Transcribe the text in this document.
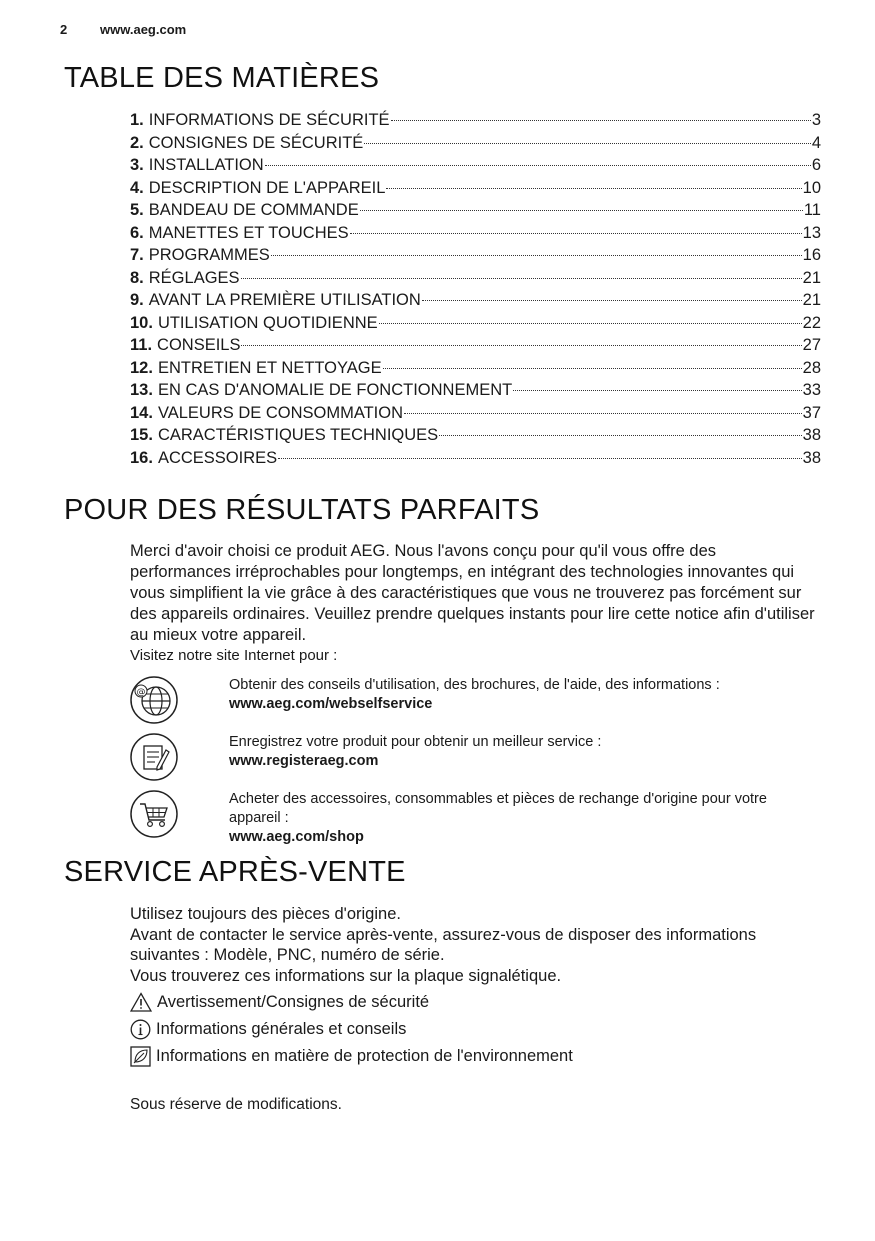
2	www.aeg.com
TABLE DES MATIÈRES
1. INFORMATIONS DE SÉCURITÉ	3
2. CONSIGNES DE SÉCURITÉ	4
3. INSTALLATION	6
4. DESCRIPTION DE L'APPAREIL	10
5. BANDEAU DE COMMANDE	11
6. MANETTES ET TOUCHES	13
7. PROGRAMMES	16
8. RÉGLAGES	21
9. AVANT LA PREMIÈRE UTILISATION	21
10. UTILISATION QUOTIDIENNE	22
11. CONSEILS	27
12. ENTRETIEN ET NETTOYAGE	28
13. EN CAS D'ANOMALIE DE FONCTIONNEMENT	33
14. VALEURS DE CONSOMMATION	37
15. CARACTÉRISTIQUES TECHNIQUES	38
16. ACCESSOIRES	38
POUR DES RÉSULTATS PARFAITS
Merci d'avoir choisi ce produit AEG. Nous l'avons conçu pour qu'il vous offre des performances irréprochables pour longtemps, en intégrant des technologies innovantes qui vous simplifient la vie grâce à des caractéristiques que vous ne trouverez pas forcément sur des appareils ordinaires. Veuillez prendre quelques instants pour lire cette notice afin d'utiliser au mieux votre appareil.
Visitez notre site Internet pour :
@	Obtenir des conseils d'utilisation, des brochures, de l'aide, des informations :
www.aeg.com/webselfservice
Enregistrez votre produit pour obtenir un meilleur service :
www.registeraeg.com
Acheter des accessoires, consommables et pièces de rechange d'origine pour votre appareil :
www.aeg.com/shop
SERVICE APRÈS-VENTE
Utilisez toujours des pièces d'origine.
Avant de contacter le service après-vente, assurez-vous de disposer des informations suivantes : Modèle, PNC, numéro de série.
Vous trouverez ces informations sur la plaque signalétique.
Avertissement/Consignes de sécurité
Informations générales et conseils
Informations en matière de protection de l'environnement
Sous réserve de modifications.
